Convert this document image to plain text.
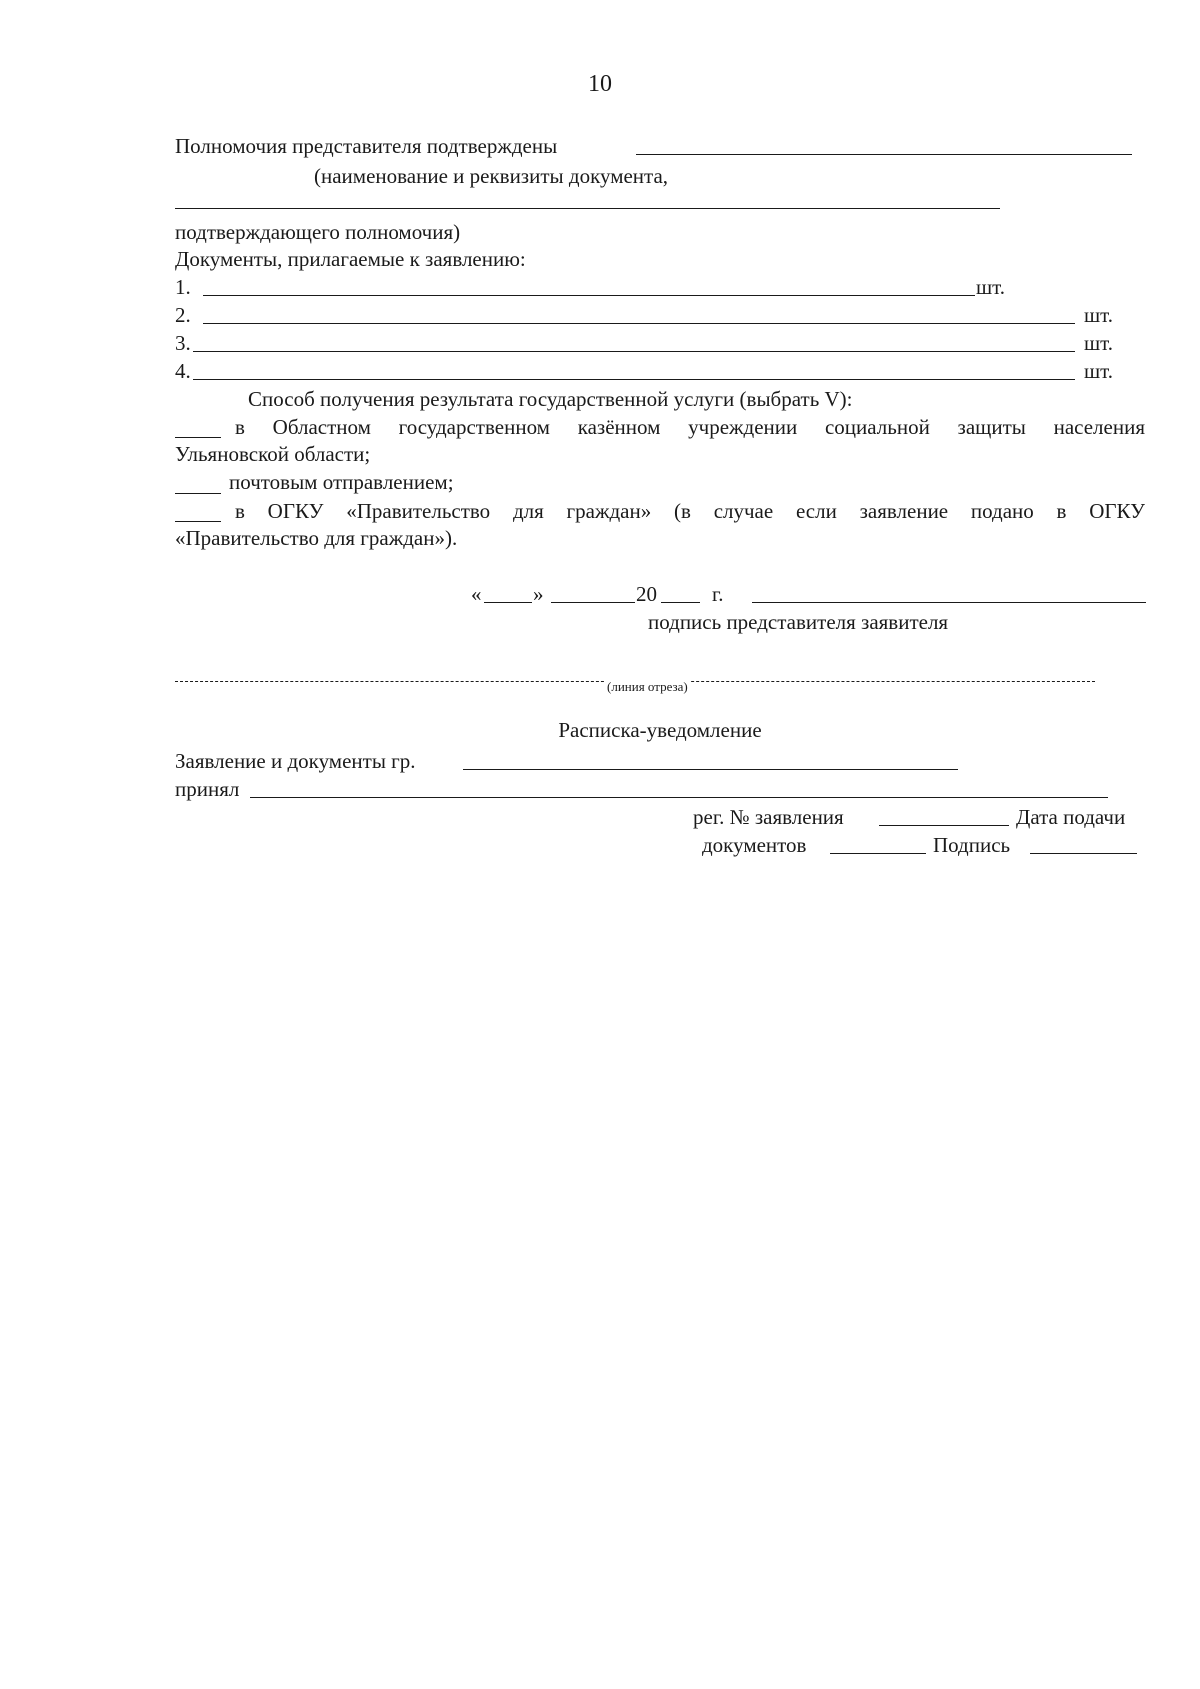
10
Полномочия представителя подтверждены
(наименование и реквизиты документа,
подтверждающего полномочия)
Документы, прилагаемые к заявлению:
1.	шт.
2.	шт.
3.	шт.
4.	шт.
Способ получения результата государственной услуги (выбрать V):
в Областном государственном казённом учреждении социальной защиты населения
Ульяновской области;
почтовым отправлением;
в ОГКУ «Правительство для граждан» (в случае если заявление подано в ОГКУ
«Правительство для граждан»).
« »	20	г.
подпись представителя заявителя
(линия отреза)
Расписка-уведомление
Заявление и документы гр.
принял
рег. № заявления	Дата подачи
документов	Подпись
